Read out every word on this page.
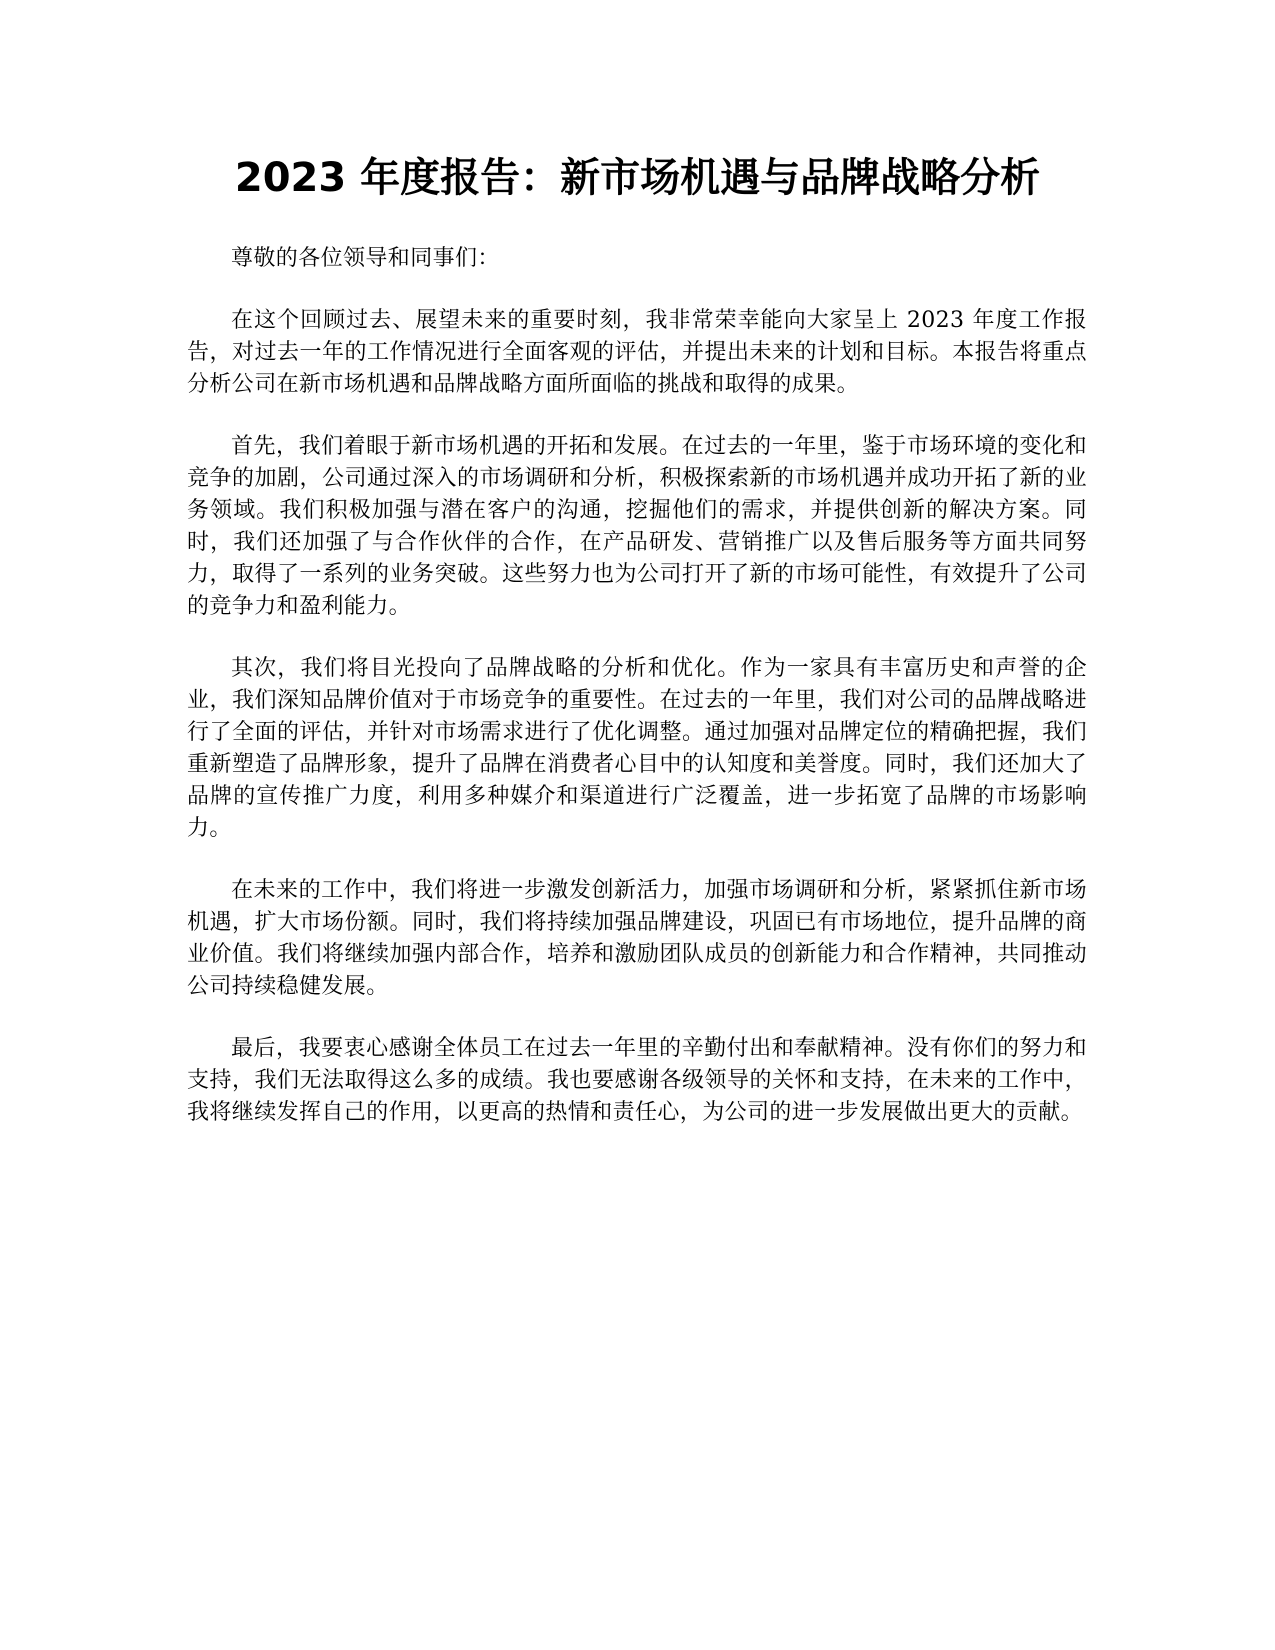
2023 年度报告：新市场机遇与品牌战略分析

尊敬的各位领导和同事们：

在这个回顾过去、展望未来的重要时刻，我非常荣幸能向大家呈上 2023 年度工作报告，对过去一年的工作情况进行全面客观的评估，并提出未来的计划和目标。本报告将重点分析公司在新市场机遇和品牌战略方面所面临的挑战和取得的成果。

首先，我们着眼于新市场机遇的开拓和发展。在过去的一年里，鉴于市场环境的变化和竞争的加剧，公司通过深入的市场调研和分析，积极探索新的市场机遇并成功开拓了新的业务领域。我们积极加强与潜在客户的沟通，挖掘他们的需求，并提供创新的解决方案。同时，我们还加强了与合作伙伴的合作，在产品研发、营销推广以及售后服务等方面共同努力，取得了一系列的业务突破。这些努力也为公司打开了新的市场可能性，有效提升了公司的竞争力和盈利能力。

其次，我们将目光投向了品牌战略的分析和优化。作为一家具有丰富历史和声誉的企业，我们深知品牌价值对于市场竞争的重要性。在过去的一年里，我们对公司的品牌战略进行了全面的评估，并针对市场需求进行了优化调整。通过加强对品牌定位的精确把握，我们重新塑造了品牌形象，提升了品牌在消费者心目中的认知度和美誉度。同时，我们还加大了品牌的宣传推广力度，利用多种媒介和渠道进行广泛覆盖，进一步拓宽了品牌的市场影响力。

在未来的工作中，我们将进一步激发创新活力，加强市场调研和分析，紧紧抓住新市场机遇，扩大市场份额。同时，我们将持续加强品牌建设，巩固已有市场地位，提升品牌的商业价值。我们将继续加强内部合作，培养和激励团队成员的创新能力和合作精神，共同推动公司持续稳健发展。

最后，我要衷心感谢全体员工在过去一年里的辛勤付出和奉献精神。没有你们的努力和支持，我们无法取得这么多的成绩。我也要感谢各级领导的关怀和支持，在未来的工作中，我将继续发挥自己的作用，以更高的热情和责任心，为公司的进一步发展做出更大的贡献。
